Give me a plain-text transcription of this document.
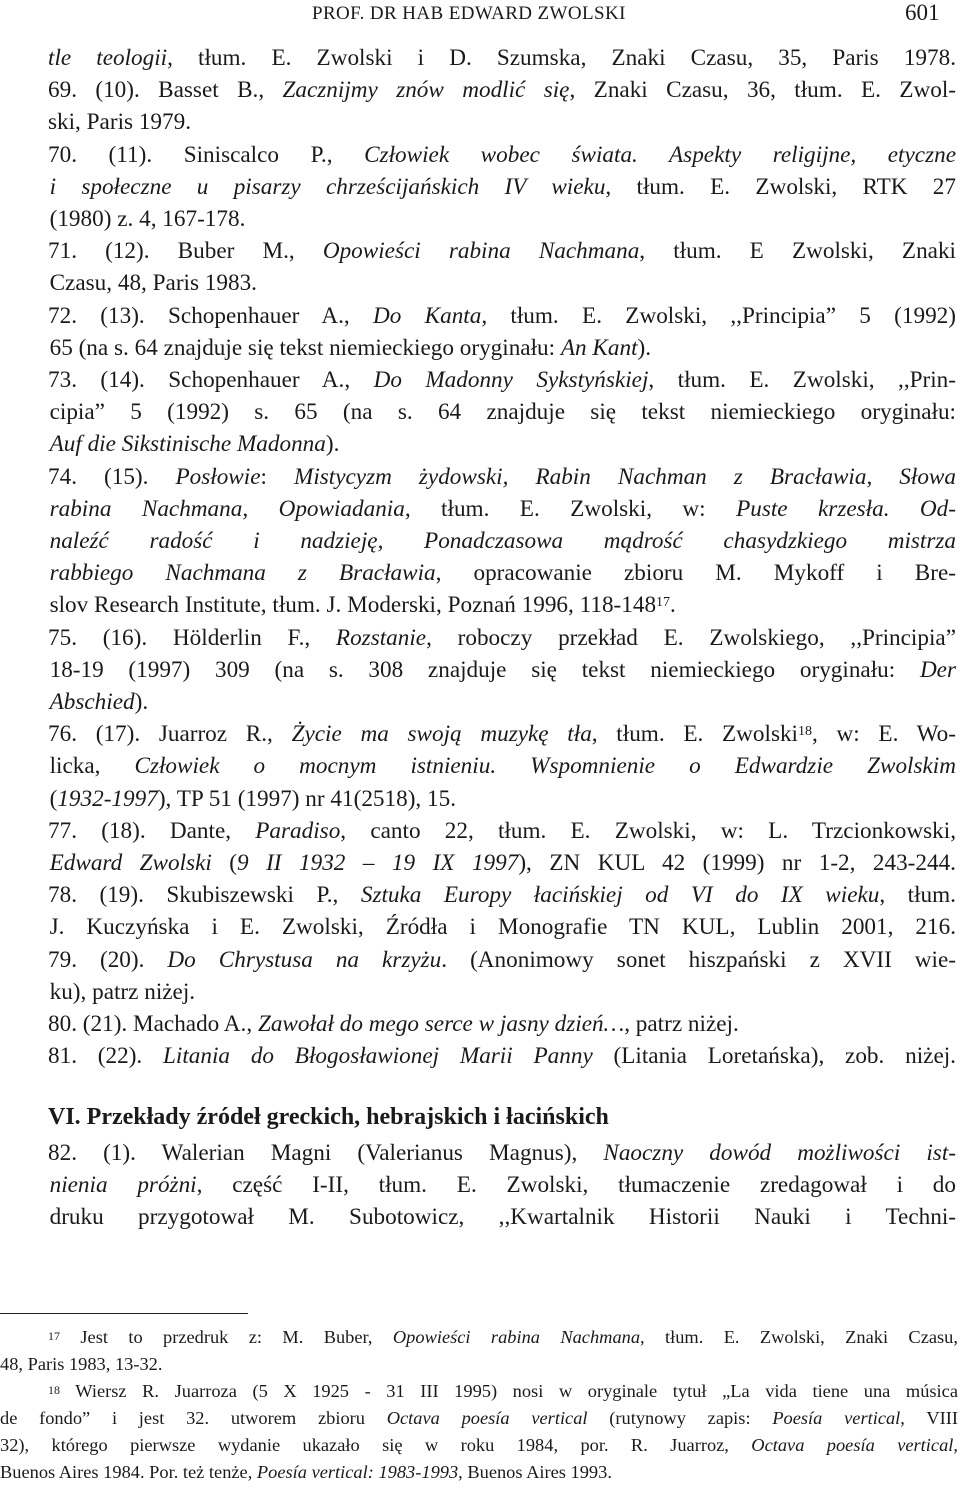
PROF. DR HAB EDWARD ZWOLSKI	601
tle teologii, tłum. E. Zwolski i D. Szumska, Znaki Czasu, 35, Paris 1978.
69. (10). Basset B., Zacznijmy znów modlić się, Znaki Czasu, 36, tłum. E. Zwol-
ski, Paris 1979.
70. (11). Siniscalco P., Człowiek wobec świata. Aspekty religijne, etyczne
i społeczne u pisarzy chrześcijańskich IV wieku, tłum. E. Zwolski, RTK 27
(1980) z. 4, 167-178.
71. (12). Buber M., Opowieści rabina Nachmana, tłum. E Zwolski, Znaki
Czasu, 48, Paris 1983.
72. (13). Schopenhauer A., Do Kanta, tłum. E. Zwolski, ,,Principia” 5 (1992)
65 (na s. 64 znajduje się tekst niemieckiego oryginału: An Kant).
73. (14). Schopenhauer A., Do Madonny Sykstyńskiej, tłum. E. Zwolski, ,,Prin-
cipia” 5 (1992) s. 65 (na s. 64 znajduje się tekst niemieckiego oryginału:
Auf die Sikstinische Madonna).
74. (15). Posłowie: Mistycyzm żydowski, Rabin Nachman z Bracławia, Słowa
rabina Nachmana, Opowiadania, tłum. E. Zwolski, w: Puste krzesła. Od-
naleźć radość i nadzieję, Ponadczasowa mądrość chasydzkiego mistrza
rabbiego Nachmana z Bracławia, opracowanie zbioru M. Mykoff i Bre-
slov Research Institute, tłum. J. Moderski, Poznań 1996, $118-148^{17}$.
75. (16). Hölderlin F., Rozstanie, roboczy przekład E. Zwolskiego, ,,Principia”
18-19 (1997) 309 (na s. 308 znajduje się tekst niemieckiego oryginału: Der
Abschied).
76. (17). Juarroz R., Życie ma swoją muzykę tła, tłum. E. Zwolski$^{18}$, w: E. Wo-
licka, Człowiek o mocnym istnieniu. Wspomnienie o Edwardzie Zwolskim
(1932-1997), TP 51 (1997) nr 41(2518), 15.
77. (18). Dante, Paradiso, canto 22, tłum. E. Zwolski, w: L. Trzcionkowski,
Edward Zwolski (9 II 1932 – 19 IX 1997), ZN KUL 42 (1999) nr 1-2, 243-244.
78. (19). Skubiszewski P., Sztuka Europy łacińskiej od VI do IX wieku, tłum.
J. Kuczyńska i E. Zwolski, Źródła i Monografie TN KUL, Lublin 2001, 216.
79. (20). Do Chrystusa na krzyżu. (Anonimowy sonet hiszpański z XVII wie-
ku), patrz niżej.
80. (21). Machado A., Zawołał do mego serce w jasny dzień…, patrz niżej.
81. (22). Litania do Błogosławionej Marii Panny (Litania Loretańska), zob. niżej.
VI. Przekłady źródeł greckich, hebrajskich i łacińskich
82. (1). Walerian Magni (Valerianus Magnus), Naoczny dowód możliwości ist-
nienia próżni, część I-II, tłum. E. Zwolski, tłumaczenie zredagował i do
druku przygotował M. Subotowicz, ,,Kwartalnik Historii Nauki i Techni-
$^{17}$ Jest to przedruk z: M. Buber, Opowieści rabina Nachmana, tłum. E. Zwolski, Znaki Czasu,
48, Paris 1983, 13-32.
$^{18}$ Wiersz R. Juarroza (5 X 1925 - 31 III 1995) nosi w oryginale tytuł „La vida tiene una música
de fondo” i jest 32. utworem zbioru Octava poesía vertical (rutynowy zapis: Poesía vertical, VIII
32), którego pierwsze wydanie ukazało się w roku 1984, por. R. Juarroz, Octava poesía vertical,
Buenos Aires 1984. Por. też tenże, Poesía vertical: 1983-1993, Buenos Aires 1993.
